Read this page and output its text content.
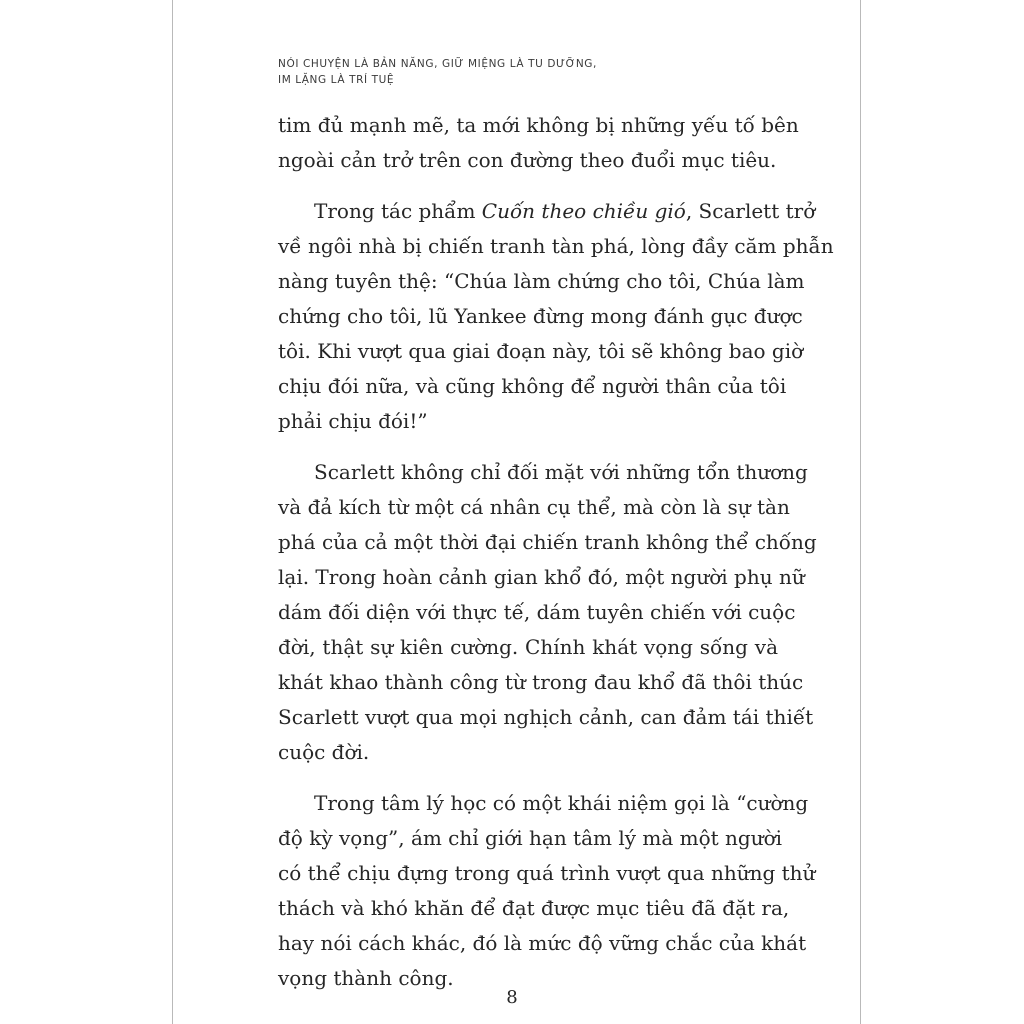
NÓI CHUYỆN LÀ BẢN NĂNG, GIỮ MIỆNG LÀ TU DƯỠNG,
IM LẶNG LÀ TRÍ TUỆ
tim đủ mạnh mẽ, ta mới không bị những yếu tố bên
ngoài cản trở trên con đường theo đuổi mục tiêu.
Trong tác phẩm Cuốn theo chiều gió, Scarlett trở
về ngôi nhà bị chiến tranh tàn phá, lòng đầy căm phẫn
nàng tuyên thệ: “Chúa làm chứng cho tôi, Chúa làm
chứng cho tôi, lũ Yankee đừng mong đánh gục được
tôi. Khi vượt qua giai đoạn này, tôi sẽ không bao giờ
chịu đói nữa, và cũng không để người thân của tôi
phải chịu đói!”
Scarlett không chỉ đối mặt với những tổn thương
và đả kích từ một cá nhân cụ thể, mà còn là sự tàn
phá của cả một thời đại chiến tranh không thể chống
lại. Trong hoàn cảnh gian khổ đó, một người phụ nữ
dám đối diện với thực tế, dám tuyên chiến với cuộc
đời, thật sự kiên cường. Chính khát vọng sống và
khát khao thành công từ trong đau khổ đã thôi thúc
Scarlett vượt qua mọi nghịch cảnh, can đảm tái thiết
cuộc đời.
Trong tâm lý học có một khái niệm gọi là “cường
độ kỳ vọng”, ám chỉ giới hạn tâm lý mà một người
có thể chịu đựng trong quá trình vượt qua những thử
thách và khó khăn để đạt được mục tiêu đã đặt ra,
hay nói cách khác, đó là mức độ vững chắc của khát
vọng thành công.
8
